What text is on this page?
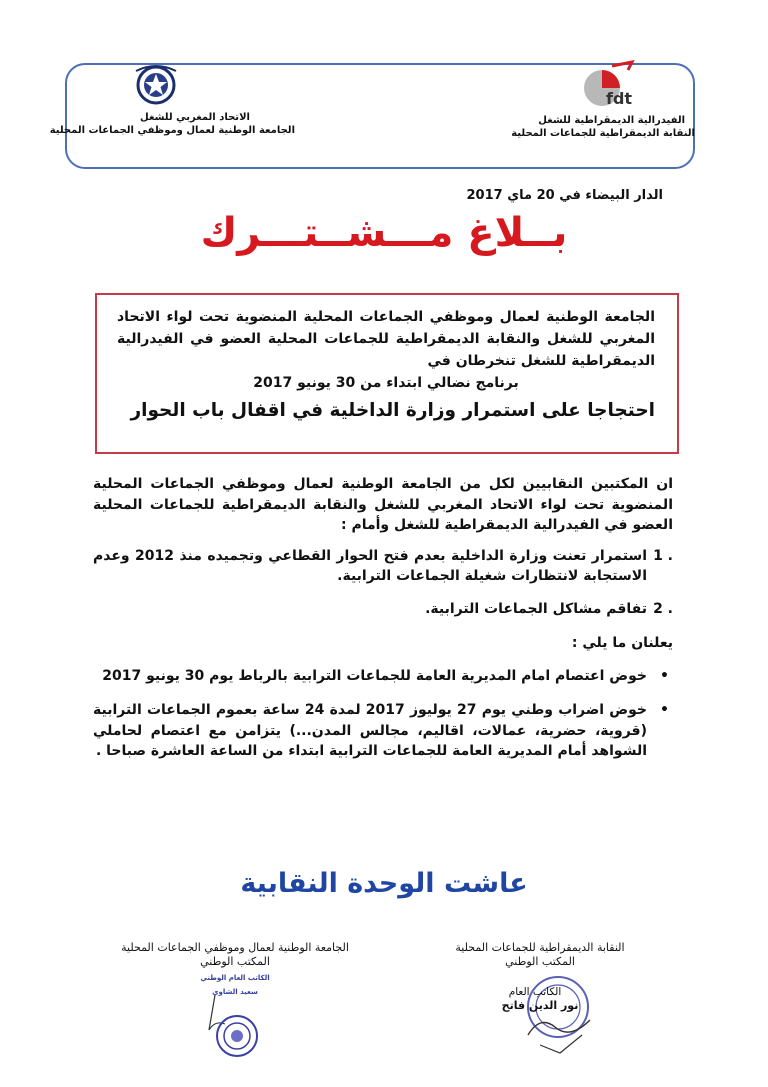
الاتحاد المغربي للشغل
الجامعة الوطنية لعمال وموظفي الجماعات المحلية
fdt
الفيدرالية الديمقراطية للشغل
النقابة الديمقراطية للجماعات المحلية
الدار البيضاء في 20 ماي 2017
بــلاغ مـــشــتـــرك
الجامعة الوطنية لعمال وموظفي الجماعات المحلية المنضوية تحت لواء الاتحاد المغربي للشغل والنقابة الديمقراطية للجماعات المحلية العضو في الفيدرالية الديمقراطية للشغل تنخرطان في
برنامج نضالي ابتداء من 30 يونيو 2017
احتجاجا على استمرار وزارة الداخلية في اقفال باب الحوار
ان المكتبين النقابيين لكل من الجامعة الوطنية لعمال وموظفي الجماعات المحلية المنضوية تحت لواء الاتحاد المغربي للشغل والنقابة الديمقراطية للجماعات المحلية العضو في الفيدرالية الديمقراطية للشغل وأمام :
1 .
استمرار تعنت وزارة الداخلية بعدم فتح الحوار القطاعي وتجميده منذ 2012 وعدم الاستجابة لانتظارات شغيلة الجماعات الترابية.
2 .
تفاقم مشاكل الجماعات الترابية.
يعلنان ما يلي :
•
خوض اعتصام امام المديرية العامة للجماعات الترابية بالرباط يوم 30 يونيو 2017
•
خوض اضراب وطني يوم 27 يوليوز 2017 لمدة 24 ساعة بعموم الجماعات الترابية (قروية، حضرية، عمالات، اقاليم، مجالس المدن...) يتزامن مع اعتصام لحاملي الشواهد أمام المديرية العامة للجماعات الترابية ابتداء من الساعة العاشرة صباحا .
عاشت الوحدة النقابية
الجامعة الوطنية لعمال وموظفي الجماعات المحلية
المكتب الوطني
الكاتب العام الوطني
سعيد الشاوي
النقابة الديمقراطية للجماعات المحلية
المكتب الوطني
الكاتب العام
نور الدين فاتح
